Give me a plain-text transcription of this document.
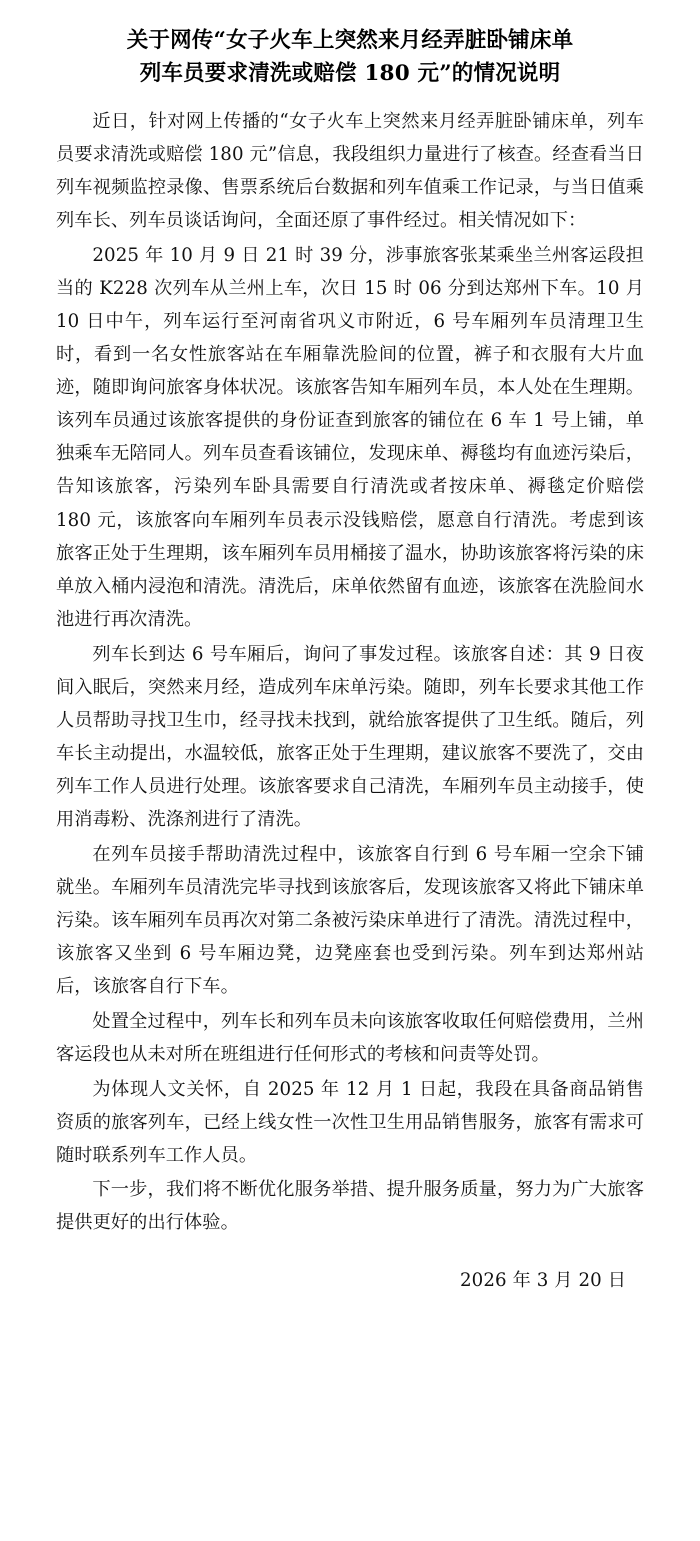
关于网传“女子火车上突然来月经弄脏卧铺床单
列车员要求清洗或赔偿 180 元”的情况说明

近日，针对网上传播的“女子火车上突然来月经弄脏卧铺床单，列车员要求清洗或赔偿 180 元”信息，我段组织力量进行了核查。经查看当日列车视频监控录像、售票系统后台数据和列车值乘工作记录，与当日值乘列车长、列车员谈话询问，全面还原了事件经过。相关情况如下：

2025 年 10 月 9 日 21 时 39 分，涉事旅客张某乘坐兰州客运段担当的 K228 次列车从兰州上车，次日 15 时 06 分到达郑州下车。10 月 10 日中午，列车运行至河南省巩义市附近，6 号车厢列车员清理卫生时，看到一名女性旅客站在车厢靠洗脸间的位置，裤子和衣服有大片血迹，随即询问旅客身体状况。该旅客告知车厢列车员，本人处在生理期。该列车员通过该旅客提供的身份证查到旅客的铺位在 6 车 1 号上铺，单独乘车无陪同人。列车员查看该铺位，发现床单、褥毯均有血迹污染后，告知该旅客，污染列车卧具需要自行清洗或者按床单、褥毯定价赔偿 180 元，该旅客向车厢列车员表示没钱赔偿，愿意自行清洗。考虑到该旅客正处于生理期，该车厢列车员用桶接了温水，协助该旅客将污染的床单放入桶内浸泡和清洗。清洗后，床单依然留有血迹，该旅客在洗脸间水池进行再次清洗。

列车长到达 6 号车厢后，询问了事发过程。该旅客自述：其 9 日夜间入眠后，突然来月经，造成列车床单污染。随即，列车长要求其他工作人员帮助寻找卫生巾，经寻找未找到，就给旅客提供了卫生纸。随后，列车长主动提出，水温较低，旅客正处于生理期，建议旅客不要洗了，交由列车工作人员进行处理。该旅客要求自己清洗，车厢列车员主动接手，使用消毒粉、洗涤剂进行了清洗。

在列车员接手帮助清洗过程中，该旅客自行到 6 号车厢一空余下铺就坐。车厢列车员清洗完毕寻找到该旅客后，发现该旅客又将此下铺床单污染。该车厢列车员再次对第二条被污染床单进行了清洗。清洗过程中，该旅客又坐到 6 号车厢边凳，边凳座套也受到污染。列车到达郑州站后，该旅客自行下车。

处置全过程中，列车长和列车员未向该旅客收取任何赔偿费用，兰州客运段也从未对所在班组进行任何形式的考核和问责等处罚。

为体现人文关怀，自 2025 年 12 月 1 日起，我段在具备商品销售资质的旅客列车，已经上线女性一次性卫生用品销售服务，旅客有需求可随时联系列车工作人员。

下一步，我们将不断优化服务举措、提升服务质量，努力为广大旅客提供更好的出行体验。

2026 年 3 月 20 日
